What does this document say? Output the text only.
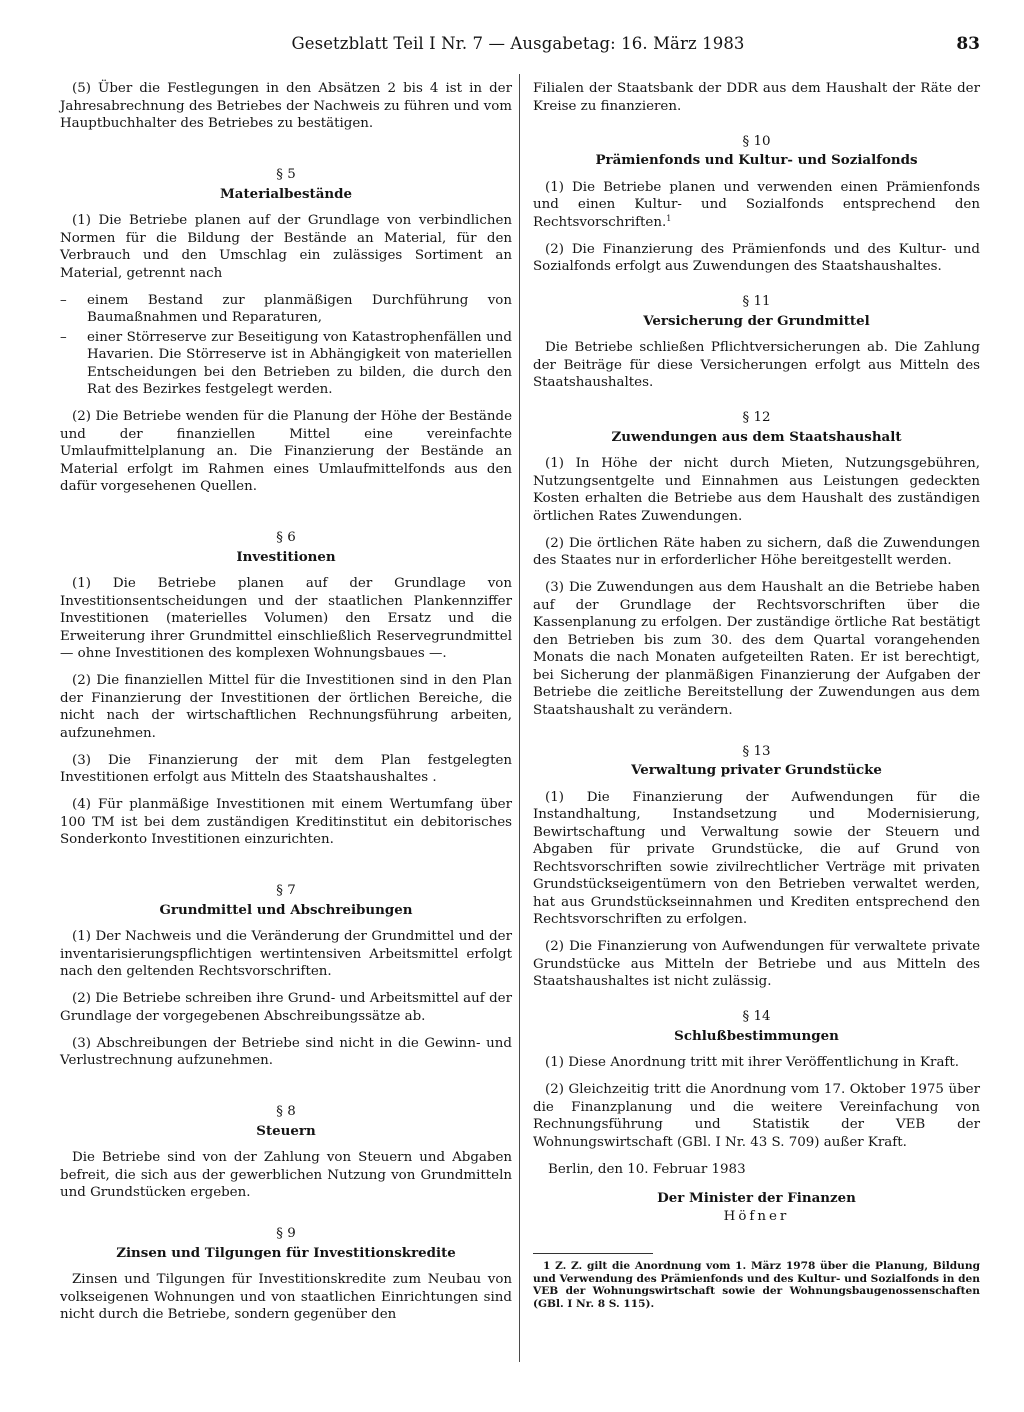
Gesetzblatt Teil I Nr. 7 — Ausgabetag: 16. März 1983	83

(5) Über die Festlegungen in den Absätzen 2 bis 4 ist in der Jahresabrechnung des Betriebes der Nachweis zu führen und vom Hauptbuchhalter des Betriebes zu bestätigen.

§ 5
Materialbestände

(1) Die Betriebe planen auf der Grundlage von verbindlichen Normen für die Bildung der Bestände an Material, für den Verbrauch und den Umschlag ein zulässiges Sortiment an Material, getrennt nach

– einem Bestand zur planmäßigen Durchführung von Baumaßnahmen und Reparaturen,
– einer Störreserve zur Beseitigung von Katastrophenfällen und Havarien. Die Störreserve ist in Abhängigkeit von materiellen Entscheidungen bei den Betrieben zu bilden, die durch den Rat des Bezirkes festgelegt werden.

(2) Die Betriebe wenden für die Planung der Höhe der Bestände und der finanziellen Mittel eine vereinfachte Umlaufmittelplanung an. Die Finanzierung der Bestände an Material erfolgt im Rahmen eines Umlaufmittelfonds aus den dafür vorgesehenen Quellen.

§ 6
Investitionen

(1) Die Betriebe planen auf der Grundlage von Investitionsentscheidungen und der staatlichen Plankennziffer Investitionen (materielles Volumen) den Ersatz und die Erweiterung ihrer Grundmittel einschließlich Reservegrundmittel — ohne Investitionen des komplexen Wohnungsbaues —.

(2) Die finanziellen Mittel für die Investitionen sind in den Plan der Finanzierung der Investitionen der örtlichen Bereiche, die nicht nach der wirtschaftlichen Rechnungsführung arbeiten, aufzunehmen.

(3) Die Finanzierung der mit dem Plan festgelegten Investitionen erfolgt aus Mitteln des Staatshaushaltes .

(4) Für planmäßige Investitionen mit einem Wertumfang über 100 TM ist bei dem zuständigen Kreditinstitut ein debitorisches Sonderkonto Investitionen einzurichten.

§ 7
Grundmittel und Abschreibungen

(1) Der Nachweis und die Veränderung der Grundmittel und der inventarisierungspflichtigen wertintensiven Arbeitsmittel erfolgt nach den geltenden Rechtsvorschriften.

(2) Die Betriebe schreiben ihre Grund- und Arbeitsmittel auf der Grundlage der vorgegebenen Abschreibungssätze ab.

(3) Abschreibungen der Betriebe sind nicht in die Gewinn- und Verlustrechnung aufzunehmen.

§ 8
Steuern

Die Betriebe sind von der Zahlung von Steuern und Abgaben befreit, die sich aus der gewerblichen Nutzung von Grundmitteln und Grundstücken ergeben.

§ 9
Zinsen und Tilgungen für Investitionskredite

Zinsen und Tilgungen für Investitionskredite zum Neubau von volkseigenen Wohnungen und von staatlichen Einrichtungen sind nicht durch die Betriebe, sondern gegenüber den

Filialen der Staatsbank der DDR aus dem Haushalt der Räte der Kreise zu finanzieren.

§ 10
Prämienfonds und Kultur- und Sozialfonds

(1) Die Betriebe planen und verwenden einen Prämienfonds und einen Kultur- und Sozialfonds entsprechend den Rechtsvorschriften.$^1$

(2) Die Finanzierung des Prämienfonds und des Kultur- und Sozialfonds erfolgt aus Zuwendungen des Staatshaushaltes.

§ 11
Versicherung der Grundmittel

Die Betriebe schließen Pflichtversicherungen ab. Die Zahlung der Beiträge für diese Versicherungen erfolgt aus Mitteln des Staatshaushaltes.

§ 12
Zuwendungen aus dem Staatshaushalt

(1) In Höhe der nicht durch Mieten, Nutzungsgebühren, Nutzungsentgelte und Einnahmen aus Leistungen gedeckten Kosten erhalten die Betriebe aus dem Haushalt des zuständigen örtlichen Rates Zuwendungen.

(2) Die örtlichen Räte haben zu sichern, daß die Zuwendungen des Staates nur in erforderlicher Höhe bereitgestellt werden.

(3) Die Zuwendungen aus dem Haushalt an die Betriebe haben auf der Grundlage der Rechtsvorschriften über die Kassenplanung zu erfolgen. Der zuständige örtliche Rat bestätigt den Betrieben bis zum 30. des dem Quartal vorangehenden Monats die nach Monaten aufgeteilten Raten. Er ist berechtigt, bei Sicherung der planmäßigen Finanzierung der Aufgaben der Betriebe die zeitliche Bereitstellung der Zuwendungen aus dem Staatshaushalt zu verändern.

§ 13
Verwaltung privater Grundstücke

(1) Die Finanzierung der Aufwendungen für die Instandhaltung, Instandsetzung und Modernisierung, Bewirtschaftung und Verwaltung sowie der Steuern und Abgaben für private Grundstücke, die auf Grund von Rechtsvorschriften sowie zivilrechtlicher Verträge mit privaten Grundstückseigentümern von den Betrieben verwaltet werden, hat aus Grundstückseinnahmen und Krediten entsprechend den Rechtsvorschriften zu erfolgen.

(2) Die Finanzierung von Aufwendungen für verwaltete private Grundstücke aus Mitteln der Betriebe und aus Mitteln des Staatshaushaltes ist nicht zulässig.

§ 14
Schlußbestimmungen

(1) Diese Anordnung tritt mit ihrer Veröffentlichung in Kraft.

(2) Gleichzeitig tritt die Anordnung vom 17. Oktober 1975 über die Finanzplanung und die weitere Vereinfachung von Rechnungsführung und Statistik der VEB der Wohnungswirtschaft (GBl. I Nr. 43 S. 709) außer Kraft.

Berlin, den 10. Februar 1983

Der Minister der Finanzen
Höfner
1 Z. Z. gilt die Anordnung vom 1. März 1978 über die Planung, Bildung und Verwendung des Prämienfonds und des Kultur- und Sozialfonds in den VEB der Wohnungswirtschaft sowie der Wohnungsbaugenossenschaften (GBl. I Nr. 8 S. 115).
